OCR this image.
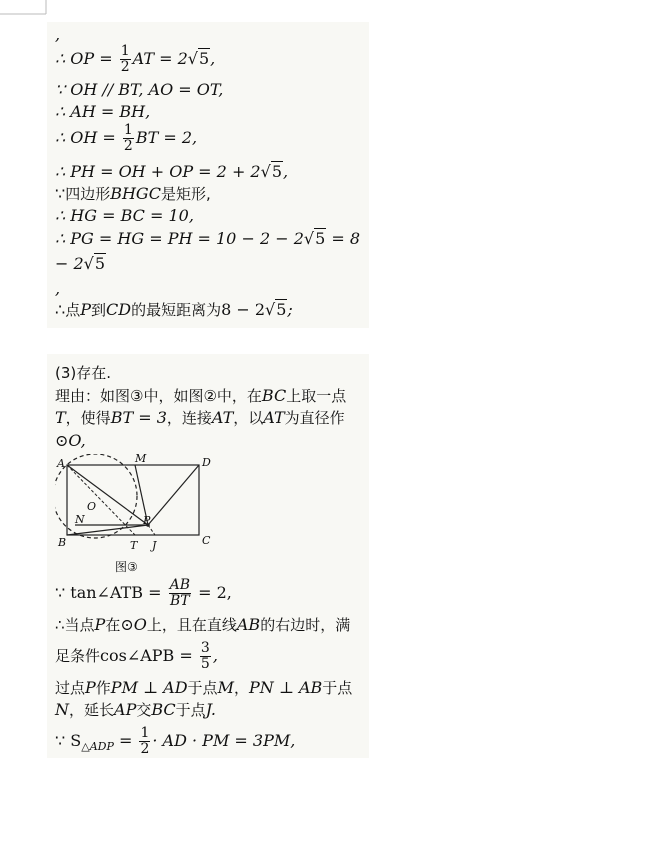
,
∴ OP = $\frac{1}{2}$ AT = 2√5,
∵ OH // BT, AO = OT,
∴ AH = BH,
∴ OH = $\frac{1}{2}$ BT = 2,
∴ PH = OH + OP = 2 + 2√5,
∵四边形BHGC是矩形,
∴ HG = BC = 10,
∴ PG = HG = PH = 10 − 2 − 2√5 = 8
− 2√5
,
∴点P到CD的最短距离为8 − 2√5;
(3)存在.
理由：如图③中，如图②中，在BC上取一点
T，使得BT = 3，连接AT，以AT为直径作
⊙O,
A	M	D
O
N	P
B	T J	C
图③
∵ tan∠ATB = $\frac{AB}{BT} = 2$,
∴当点P在⊙O上，且在直线AB的右边时，满
足条件cos∠APB = $\frac{3}{5}$ ,
过点P作PM ⊥ AD于点M，PN ⊥ AB于点
N，延长AP交BC于点J.
∵ $S_{\triangle ADP} = \frac{1}{2}$ · AD · PM = 3PM,
